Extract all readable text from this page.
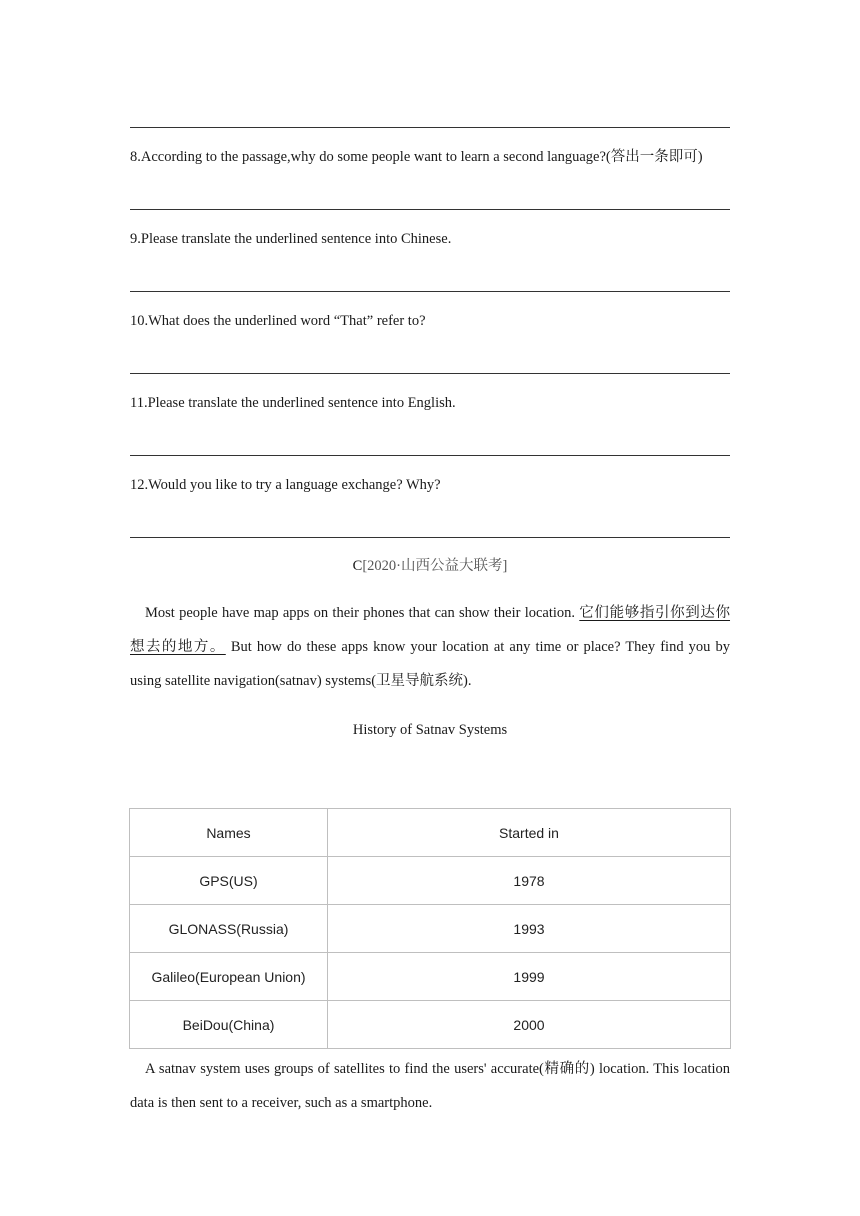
8.According to the passage,why do some people want to learn a second language?(答出一条即可)
9.Please translate the underlined sentence into Chinese.
10.What does the underlined word “That” refer to?
11.Please translate the underlined sentence into English.
12.Would you like to try a language exchange? Why?
C[2020·山西公益大联考]
Most people have map apps on their phones that can show their location. 它们能够指引你到达你想去的地方。 But how do these apps know your location at any time or place? They find you by using satellite navigation(satnav) systems(卫星导航系统).
History of Satnav Systems
Names	Started in
GPS(US)	1978
GLONASS(Russia)	1993
Galileo(European Union)	1999
BeiDou(China)	2000
A satnav system uses groups of satellites to find the users' accurate(精确的) location. This location data is then sent to a receiver, such as a smartphone.
